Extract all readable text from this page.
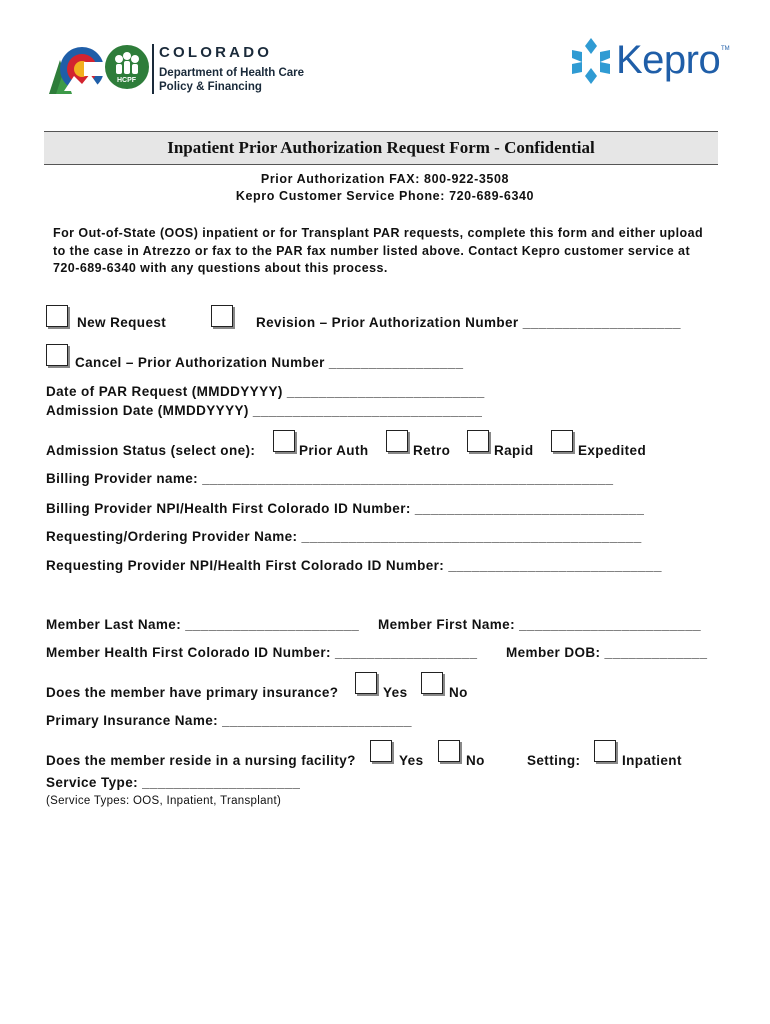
HCPF
COLORADO
Department of Health Care
Policy & Financing
Kepro TM
Inpatient Prior Authorization Request Form - Confidential
Prior Authorization FAX: 800-922-3508
Kepro Customer Service Phone: 720-689-6340
For Out-of-State (OOS) inpatient or for Transplant PAR requests, complete this form and either upload
to the case in Atrezzo or fax to the PAR fax number listed above. Contact Kepro customer service at
720-689-6340 with any questions about this process.
New Request	Revision – Prior Authorization Number ____________________
Cancel – Prior Authorization Number _________________
Date of PAR Request (MMDDYYYY) _________________________
Admission Date (MMDDYYYY) _____________________________
Admission Status (select one):	Prior Auth	Retro	Rapid	Expedited
Billing Provider name: ____________________________________________________
Billing Provider NPI/Health First Colorado ID Number: _____________________________
Requesting/Ordering Provider Name: ___________________________________________
Requesting Provider NPI/Health First Colorado ID Number: ___________________________
Member Last Name: ______________________ Member First Name: _______________________
Member Health First Colorado ID Number: __________________ Member DOB: _____________
Does the member have primary insurance?	Yes	No
Primary Insurance Name: ________________________
Does the member reside in a nursing facility?	Yes	No	Setting:	Inpatient
Service Type: ____________________
(Service Types: OOS, Inpatient, Transplant)
